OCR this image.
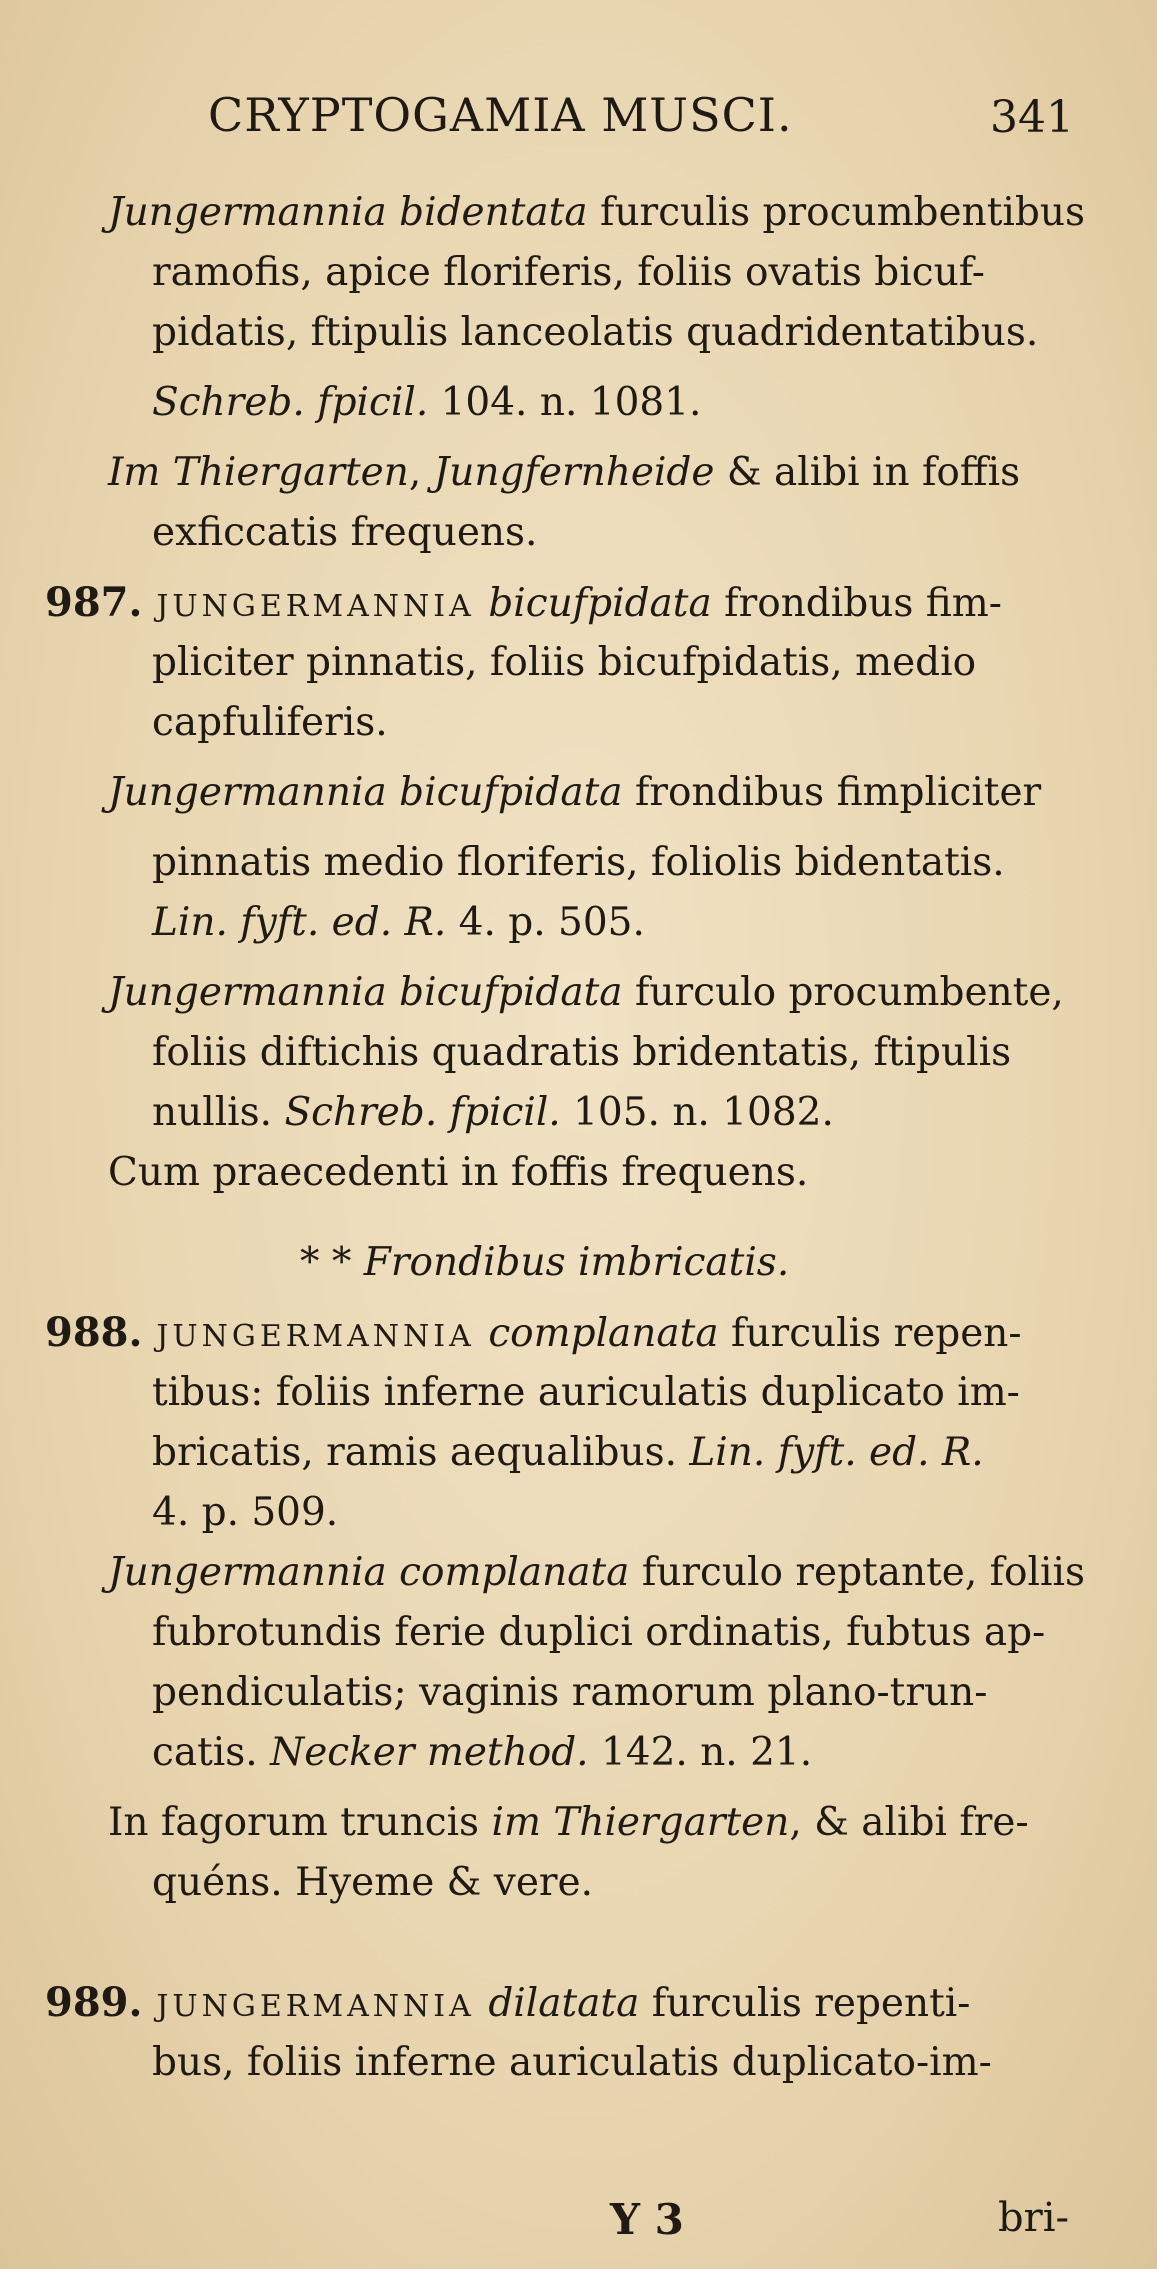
CRYPTOGAMIA MUSCI.	341
Jungermannia bidentata furculis procumbentibus
ramofis, apice floriferis, foliis ovatis bicuf-
pidatis, ftipulis lanceolatis quadridentatibus.
Schreb. fpicil. 104. n. 1081.
Im Thiergarten, Jungfernheide & alibi in foffis
exficcatis frequens.
987. JUNGERMANNIA bicufpidata frondibus fim-
pliciter pinnatis, foliis bicufpidatis, medio
capfuliferis.
Jungermannia bicufpidata frondibus fimpliciter
pinnatis medio floriferis, foliolis bidentatis.
Lin. fyft. ed. R. 4. p. 505.
Jungermannia bicufpidata furculo procumbente,
foliis diftichis quadratis bridentatis, ftipulis
nullis. Schreb. fpicil. 105. n. 1082.
Cum praecedenti in foffis frequens.
* * Frondibus imbricatis.
988. JUNGERMANNIA complanata furculis repen-
tibus: foliis inferne auriculatis duplicato im-
bricatis, ramis aequalibus. Lin. fyft. ed. R.
4. p. 509.
Jungermannia complanata furculo reptante, foliis
fubrotundis ferie duplici ordinatis, fubtus ap-
pendiculatis; vaginis ramorum plano-trun-
catis. Necker method. 142. n. 21.
In fagorum truncis im Thiergarten, & alibi fre-
quéns. Hyeme & vere.
989. JUNGERMANNIA dilatata furculis repenti-
bus, foliis inferne auriculatis duplicato-im-
Y 3	bri-
